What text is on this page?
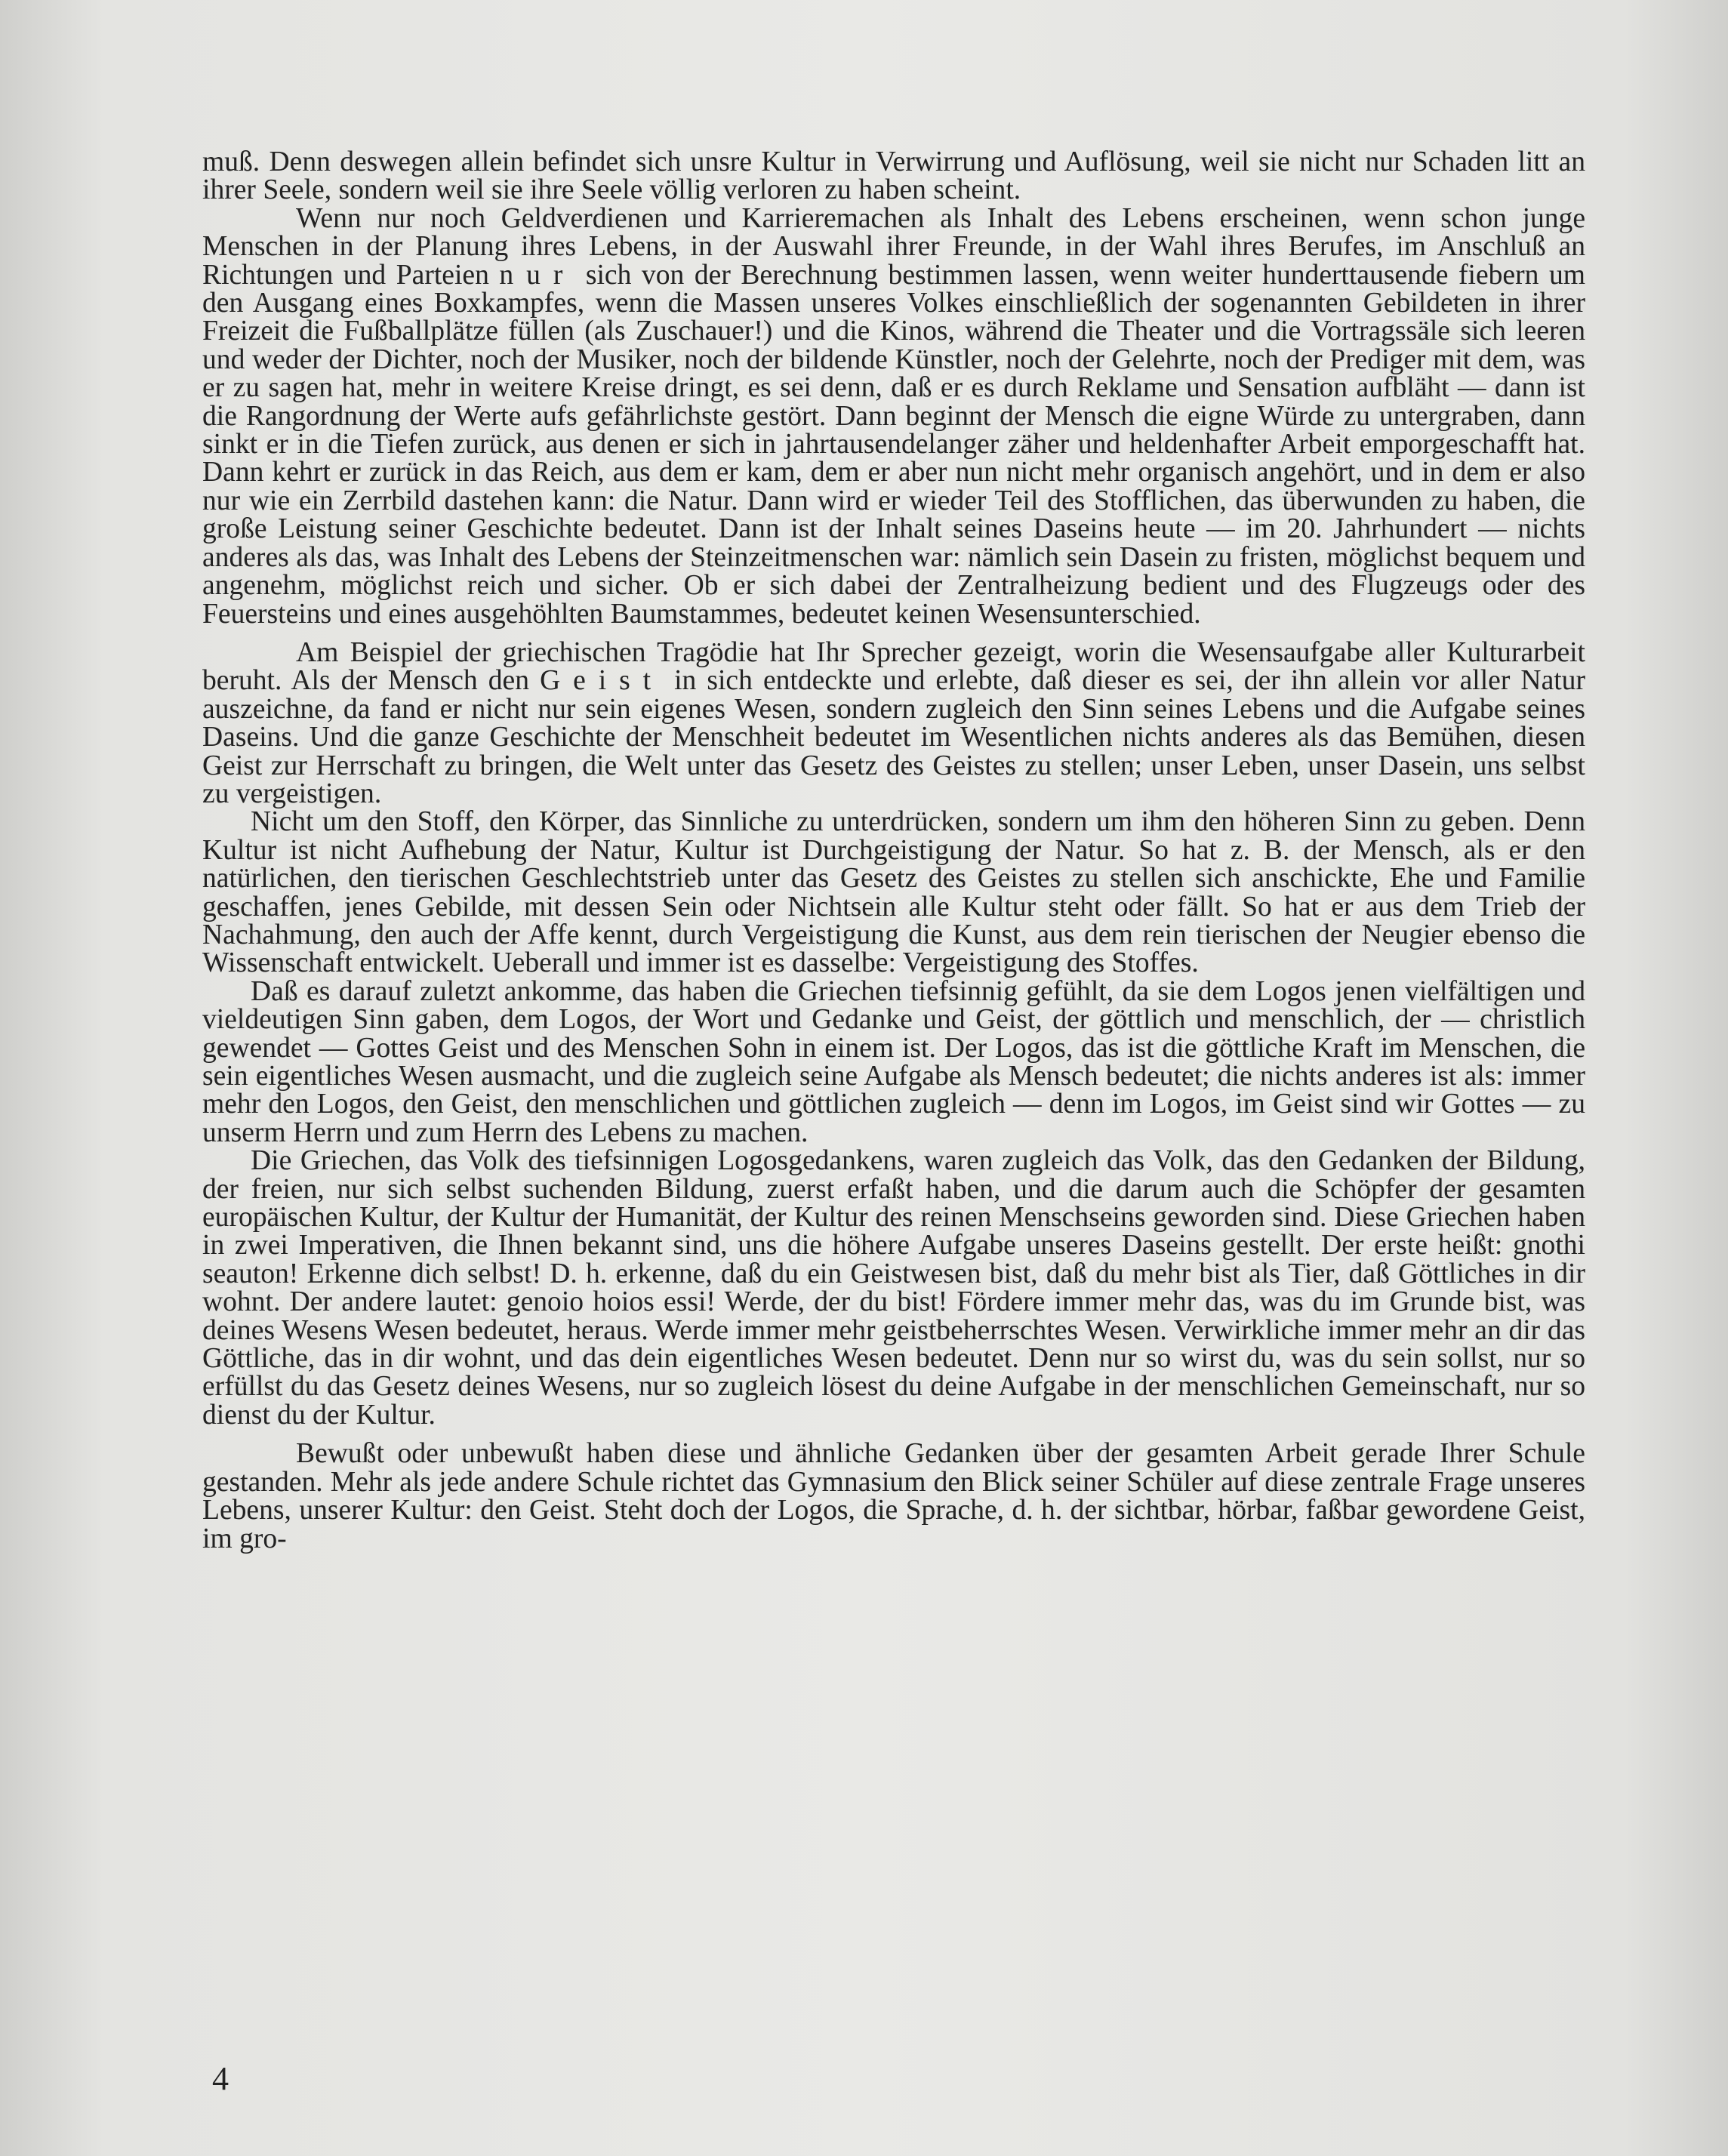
muß. Denn deswegen allein befindet sich unsre Kultur in Verwirrung und Auflösung, weil sie nicht nur Schaden litt an ihrer Seele, sondern weil sie ihre Seele völlig verloren zu haben scheint.

Wenn nur noch Geldverdienen und Karrieremachen als Inhalt des Lebens erscheinen, wenn schon junge Menschen in der Planung ihres Lebens, in der Auswahl ihrer Freunde, in der Wahl ihres Berufes, im Anschluß an Richtungen und Parteien nur sich von der Berechnung bestimmen lassen, wenn weiter hunderttausende fiebern um den Ausgang eines Boxkampfes, wenn die Massen unseres Volkes einschließlich der sogenannten Gebildeten in ihrer Freizeit die Fußballplätze füllen (als Zuschauer!) und die Kinos, während die Theater und die Vortragssäle sich leeren und weder der Dichter, noch der Musiker, noch der bildende Künstler, noch der Gelehrte, noch der Prediger mit dem, was er zu sagen hat, mehr in weitere Kreise dringt, es sei denn, daß er es durch Reklame und Sensation aufbläht — dann ist die Rangordnung der Werte aufs gefährlichste gestört. Dann beginnt der Mensch die eigne Würde zu untergraben, dann sinkt er in die Tiefen zurück, aus denen er sich in jahrtausendelanger zäher und heldenhafter Arbeit emporgeschafft hat. Dann kehrt er zurück in das Reich, aus dem er kam, dem er aber nun nicht mehr organisch angehört, und in dem er also nur wie ein Zerrbild dastehen kann: die Natur. Dann wird er wieder Teil des Stofflichen, das überwunden zu haben, die große Leistung seiner Geschichte bedeutet. Dann ist der Inhalt seines Daseins heute — im 20. Jahrhundert — nichts anderes als das, was Inhalt des Lebens der Steinzeitmenschen war: nämlich sein Dasein zu fristen, möglichst bequem und angenehm, möglichst reich und sicher. Ob er sich dabei der Zentralheizung bedient und des Flugzeugs oder des Feuersteins und eines ausgehöhlten Baumstammes, bedeutet keinen Wesensunterschied.

Am Beispiel der griechischen Tragödie hat Ihr Sprecher gezeigt, worin die Wesensaufgabe aller Kulturarbeit beruht. Als der Mensch den Geist in sich entdeckte und erlebte, daß dieser es sei, der ihn allein vor aller Natur auszeichne, da fand er nicht nur sein eigenes Wesen, sondern zugleich den Sinn seines Lebens und die Aufgabe seines Daseins. Und die ganze Geschichte der Menschheit bedeutet im Wesentlichen nichts anderes als das Bemühen, diesen Geist zur Herrschaft zu bringen, die Welt unter das Gesetz des Geistes zu stellen; unser Leben, unser Dasein, uns selbst zu vergeistigen.

Nicht um den Stoff, den Körper, das Sinnliche zu unterdrücken, sondern um ihm den höheren Sinn zu geben. Denn Kultur ist nicht Aufhebung der Natur, Kultur ist Durchgeistigung der Natur. So hat z. B. der Mensch, als er den natürlichen, den tierischen Geschlechtstrieb unter das Gesetz des Geistes zu stellen sich anschickte, Ehe und Familie geschaffen, jenes Gebilde, mit dessen Sein oder Nichtsein alle Kultur steht oder fällt. So hat er aus dem Trieb der Nachahmung, den auch der Affe kennt, durch Vergeistigung die Kunst, aus dem rein tierischen der Neugier ebenso die Wissenschaft entwickelt. Ueberall und immer ist es dasselbe: Vergeistigung des Stoffes.

Daß es darauf zuletzt ankomme, das haben die Griechen tiefsinnig gefühlt, da sie dem Logos jenen vielfältigen und vieldeutigen Sinn gaben, dem Logos, der Wort und Gedanke und Geist, der göttlich und menschlich, der — christlich gewendet — Gottes Geist und des Menschen Sohn in einem ist. Der Logos, das ist die göttliche Kraft im Menschen, die sein eigentliches Wesen ausmacht, und die zugleich seine Aufgabe als Mensch bedeutet; die nichts anderes ist als: immer mehr den Logos, den Geist, den menschlichen und göttlichen zugleich — denn im Logos, im Geist sind wir Gottes — zu unserm Herrn und zum Herrn des Lebens zu machen.

Die Griechen, das Volk des tiefsinnigen Logosgedankens, waren zugleich das Volk, das den Gedanken der Bildung, der freien, nur sich selbst suchenden Bildung, zuerst erfaßt haben, und die darum auch die Schöpfer der gesamten europäischen Kultur, der Kultur der Humanität, der Kultur des reinen Menschseins geworden sind. Diese Griechen haben in zwei Imperativen, die Ihnen bekannt sind, uns die höhere Aufgabe unseres Daseins gestellt. Der erste heißt: gnothi seauton! Erkenne dich selbst! D. h. erkenne, daß du ein Geistwesen bist, daß du mehr bist als Tier, daß Göttliches in dir wohnt. Der andere lautet: genoio hoios essi! Werde, der du bist! Fördere immer mehr das, was du im Grunde bist, was deines Wesens Wesen bedeutet, heraus. Werde immer mehr geistbeherrschtes Wesen. Verwirkliche immer mehr an dir das Göttliche, das in dir wohnt, und das dein eigentliches Wesen bedeutet. Denn nur so wirst du, was du sein sollst, nur so erfüllst du das Gesetz deines Wesens, nur so zugleich lösest du deine Aufgabe in der menschlichen Gemeinschaft, nur so dienst du der Kultur.

Bewußt oder unbewußt haben diese und ähnliche Gedanken über der gesamten Arbeit gerade Ihrer Schule gestanden. Mehr als jede andere Schule richtet das Gymnasium den Blick seiner Schüler auf diese zentrale Frage unseres Lebens, unserer Kultur: den Geist. Steht doch der Logos, die Sprache, d. h. der sichtbar, hörbar, faßbar gewordene Geist, im gro-

4
